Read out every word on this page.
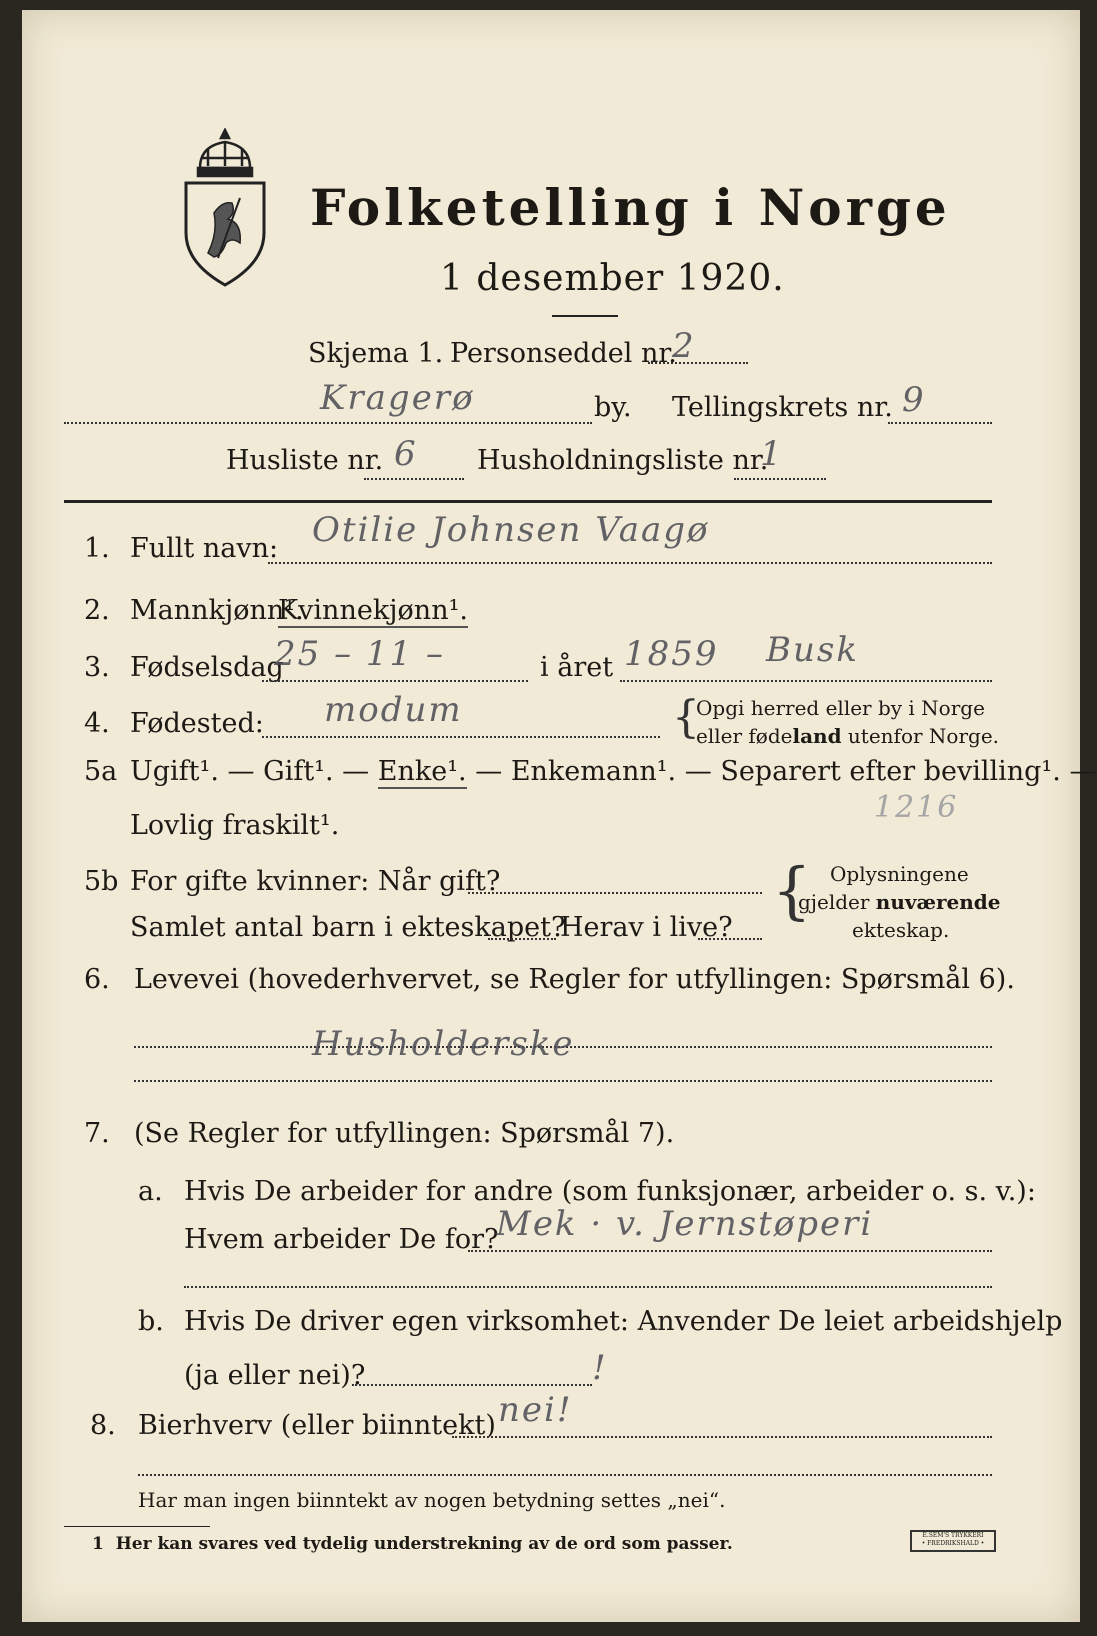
Folketelling i Norge
1 desember 1920.
Skjema 1. Personseddel nr.
2
Kragerø	by. Tellingskrets nr. 9
Husliste nr. 6 Husholdningsliste nr.
1
1. Fullt navn: Otilie Johnsen Vaagø
2. Mannkjønn¹.
Kvinnekjønn¹.
3. Fødselsdag
25 – 11 –	i året 1859 Busk
4. Fødested: modum	{
Opgi herred eller by i Norge
eller fødeland utenfor Norge.
5a Ugift¹. — Gift¹. — Enke¹. — Enkemann¹. — Separert efter bevilling¹. —
Lovlig fraskilt¹.
1216
5b For gifte kvinner: Når gift?
Samlet antal barn i ekteskapet?
Herav i live?
{ Oplysningene
gjelder nuværende
ekteskap.
6. Levevei (hovederhvervet, se Regler for utfyllingen: Spørsmål 6).
Husholderske
7. (Se Regler for utfyllingen: Spørsmål 7).
a. Hvis De arbeider for andre (som funksjonær, arbeider o. s. v.):
Hvem arbeider De for?
Mek · v. Jernstøperi
b. Hvis De driver egen virksomhet: Anvender De leiet arbeidshjelp
(ja eller nei)?	!
8. Bierhverv (eller biinntekt) nei!
Har man ingen biinntekt av nogen betydning settes „nei“.
1 Her kan svares ved tydelig understrekning av de ord som passer.	E.SEM'S TRYKKERI
• FREDRIKSHALD •
